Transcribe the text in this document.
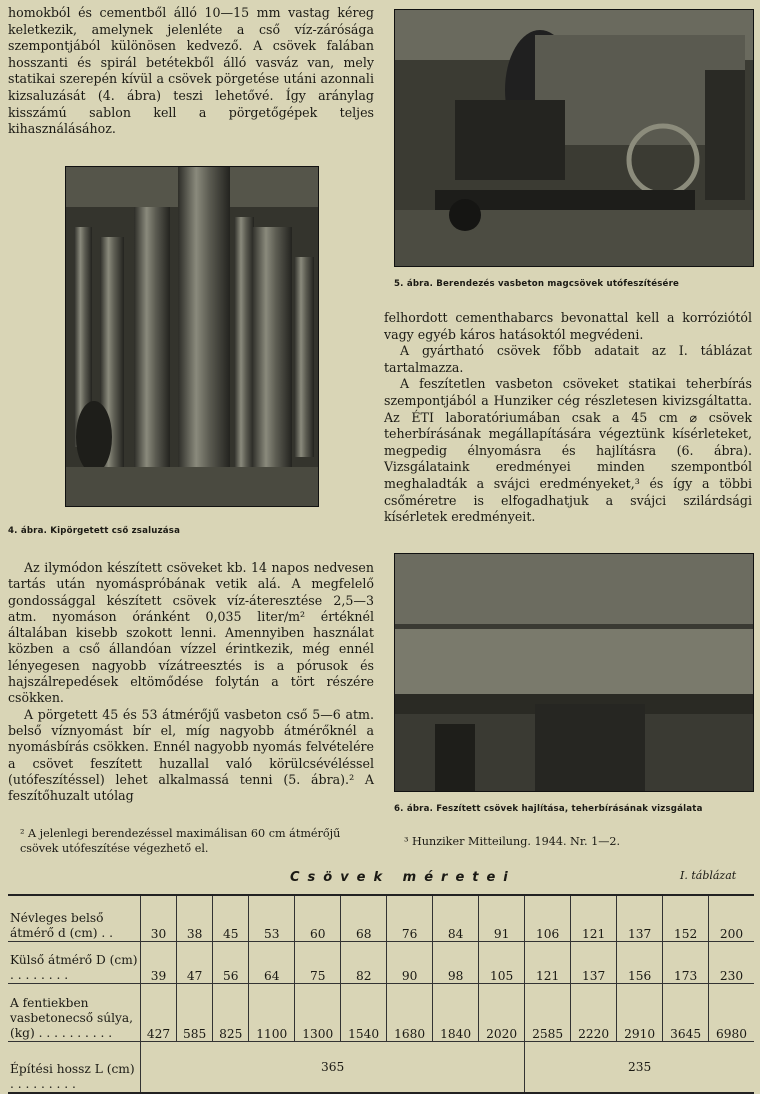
homokból és cementből álló 10—15 mm vastag kéreg keletkezik, amelynek jelenléte a cső víz-zárósága szempontjából különösen kedvező. A csövek falában hosszanti és spirál betétekből álló vasváz van, mely statikai szerepén kívül a csövek pörgetése utáni azonnali kizsaluzását (4. ábra) teszi lehetővé. Így aránylag kisszámú sablon kell a pörgetőgépek teljes kihasználásához.

4. ábra. Kipörgetett cső zsaluzása
5. ábra. Berendezés vasbeton magcsövek utófeszítésére

felhordott cementhabarcs bevonattal kell a korróziótól vagy egyéb káros hatásoktól megvédeni.

A gyártható csövek főbb adatait az I. táblázat tartalmazza.

A feszítetlen vasbeton csöveket statikai teherbírás szempontjából a Hunziker cég részletesen kivizsgáltatta. Az ÉTI laboratóriumában csak a 45 cm ⌀ csövek teherbírásának megállapítására végeztünk kísérleteket, megpedig élnyomásra és hajlításra (6. ábra). Vizsgálataink eredményei minden szempontból meghaladták a svájci eredményeket,³ és így a többi csőméretre is elfogadhatjuk a svájci szilárdsági kísérletek eredményeit.

6. ábra. Feszített csövek hajlítása, teherbírásának vizsgálata

Az ilymódon készített csöveket kb. 14 napos nedvesen tartás után nyomáspróbának vetik alá. A megfelelő gondossággal készített csövek víz-áteresztése 2,5—3 atm. nyomáson óránként 0,035 liter/m² értéknél általában kisebb szokott lenni. Amennyiben használat közben a cső állandóan vízzel érintkezik, még ennél lényegesen nagyobb vízátreesztés is a pórusok és hajszálrepedések eltömődése folytán a tört részére csökken.

A pörgetett 45 és 53 átmérőjű vasbeton cső 5—6 atm. belső víznyomást bír el, míg nagyobb átmérőknél a nyomásbírás csökken. Ennél nagyobb nyomás felvételére a csövet feszített huzallal való körülcsévéléssel (utófeszítéssel) lehet alkalmassá tenni (5. ábra).² A feszítőhuzalt utólag

² A jelenlegi berendezéssel maximálisan 60 cm átmérőjű csövek utófeszítése végezhető el.
³ Hunziker Mitteilung. 1944. Nr. 1—2.
Csövek méretei	I. táblázat
Névleges belső átmérő d (cm) . .	30	38	45	53	60	68	76	84	91	106	121	137	152	200
Külső átmérő D (cm) . . . . . . . .	39	47	56	64	75	82	90	98	105	121	137	156	173	230
A fentiekben vasbetonecső súlya, (kg) . . . . . . . . . .	427	585	825	1100	1300	1540	1680	1840	2020	2585	2220	2910	3645	6980
Építési hossz L (cm) . . . . . . . . .	365									235				
